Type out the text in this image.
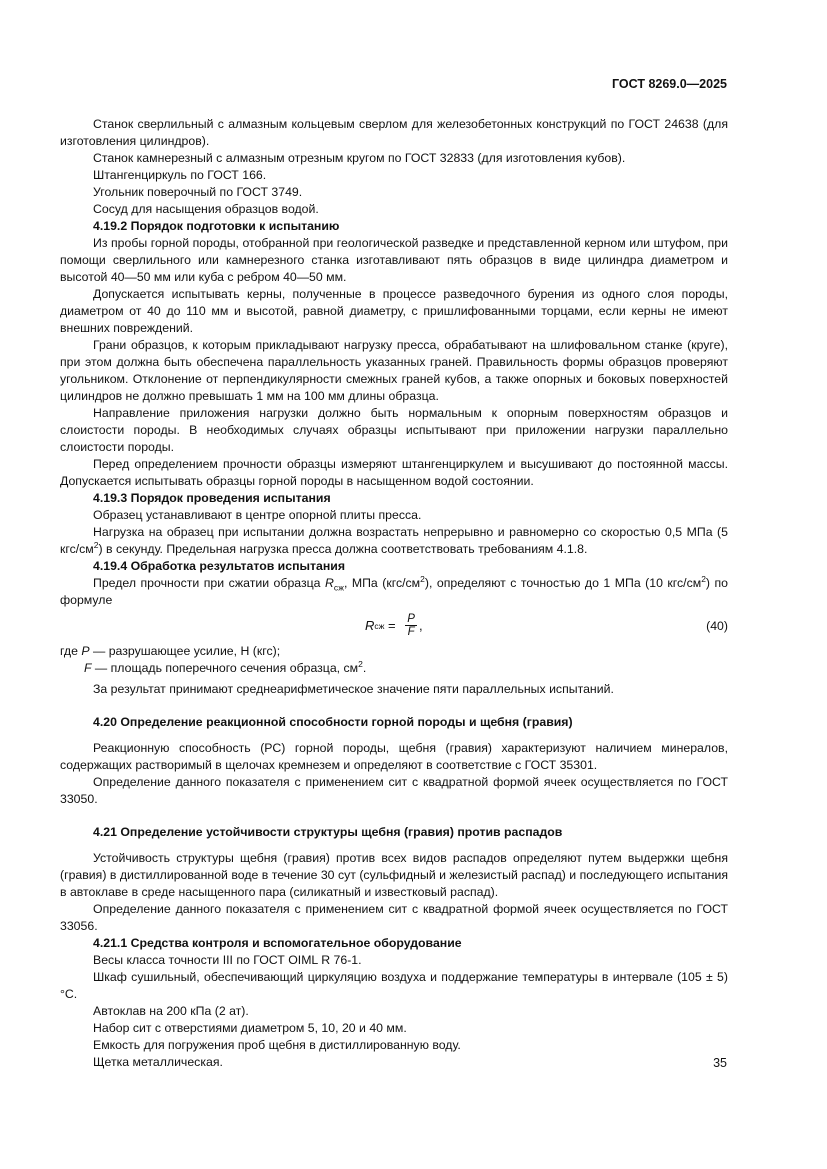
ГОСТ 8269.0—2025

Станок сверлильный с алмазным кольцевым сверлом для железобетонных конструкций по ГОСТ 24638 (для изготовления цилиндров).

Станок камнерезный с алмазным отрезным кругом по ГОСТ 32833 (для изготовления кубов).

Штангенциркуль по ГОСТ 166.

Угольник поверочный по ГОСТ 3749.

Сосуд для насыщения образцов водой.

4.19.2 Порядок подготовки к испытанию

Из пробы горной породы, отобранной при геологической разведке и представленной керном или штуфом, при помощи сверлильного или камнерезного станка изготавливают пять образцов в виде цилиндра диаметром и высотой 40—50 мм или куба с ребром 40—50 мм.

Допускается испытывать керны, полученные в процессе разведочного бурения из одного слоя породы, диаметром от 40 до 110 мм и высотой, равной диаметру, с пришлифованными торцами, если керны не имеют внешних повреждений.

Грани образцов, к которым прикладывают нагрузку пресса, обрабатывают на шлифовальном станке (круге), при этом должна быть обеспечена параллельность указанных граней. Правильность формы образцов проверяют угольником. Отклонение от перпендикулярности смежных граней кубов, а также опорных и боковых поверхностей цилиндров не должно превышать 1 мм на 100 мм длины образца.

Направление приложения нагрузки должно быть нормальным к опорным поверхностям образцов и слоистости породы. В необходимых случаях образцы испытывают при приложении нагрузки параллельно слоистости породы.

Перед определением прочности образцы измеряют штангенциркулем и высушивают до постоянной массы. Допускается испытывать образцы горной породы в насыщенном водой состоянии.

4.19.3 Порядок проведения испытания

Образец устанавливают в центре опорной плиты пресса.

Нагрузка на образец при испытании должна возрастать непрерывно и равномерно со скоростью 0,5 МПа (5 кгс/$см^2$) в секунду. Предельная нагрузка пресса должна соответствовать требованиям 4.1.8.

4.19.4 Обработка результатов испытания

Предел прочности при сжатии образца $R_{сж}$, МПа $(кгс/см^2)$, определяют с точностью до 1 МПа (10 кгс/$см^2$) по формуле

R сж = $\frac{P}{F}$ ,	(40)

где P — разрушающее усилие, Н (кгс);

F — площадь поперечного сечения образца, $см^2$.

За результат принимают среднеарифметическое значение пяти параллельных испытаний.

4.20 Определение реакционной способности горной породы и щебня (гравия)

Реакционную способность (РС) горной породы, щебня (гравия) характеризуют наличием минералов, содержащих растворимый в щелочах кремнезем и определяют в соответствие с ГОСТ 35301.

Определение данного показателя с применением сит с квадратной формой ячеек осуществляется по ГОСТ 33050.

4.21 Определение устойчивости структуры щебня (гравия) против распадов

Устойчивость структуры щебня (гравия) против всех видов распадов определяют путем выдержки щебня (гравия) в дистиллированной воде в течение 30 сут (сульфидный и железистый распад) и последующего испытания в автоклаве в среде насыщенного пара (силикатный и известковый распад).

Определение данного показателя с применением сит с квадратной формой ячеек осуществляется по ГОСТ 33056.

4.21.1 Средства контроля и вспомогательное оборудование

Весы класса точности III по ГОСТ OIML R 76-1.

Шкаф сушильный, обеспечивающий циркуляцию воздуха и поддержание температуры в интервале (105 ± 5) °С.

Автоклав на 200 кПа (2 ат).

Набор сит с отверстиями диаметром 5, 10, 20 и 40 мм.

Емкость для погружения проб щебня в дистиллированную воду.

Щетка металлическая.	35
